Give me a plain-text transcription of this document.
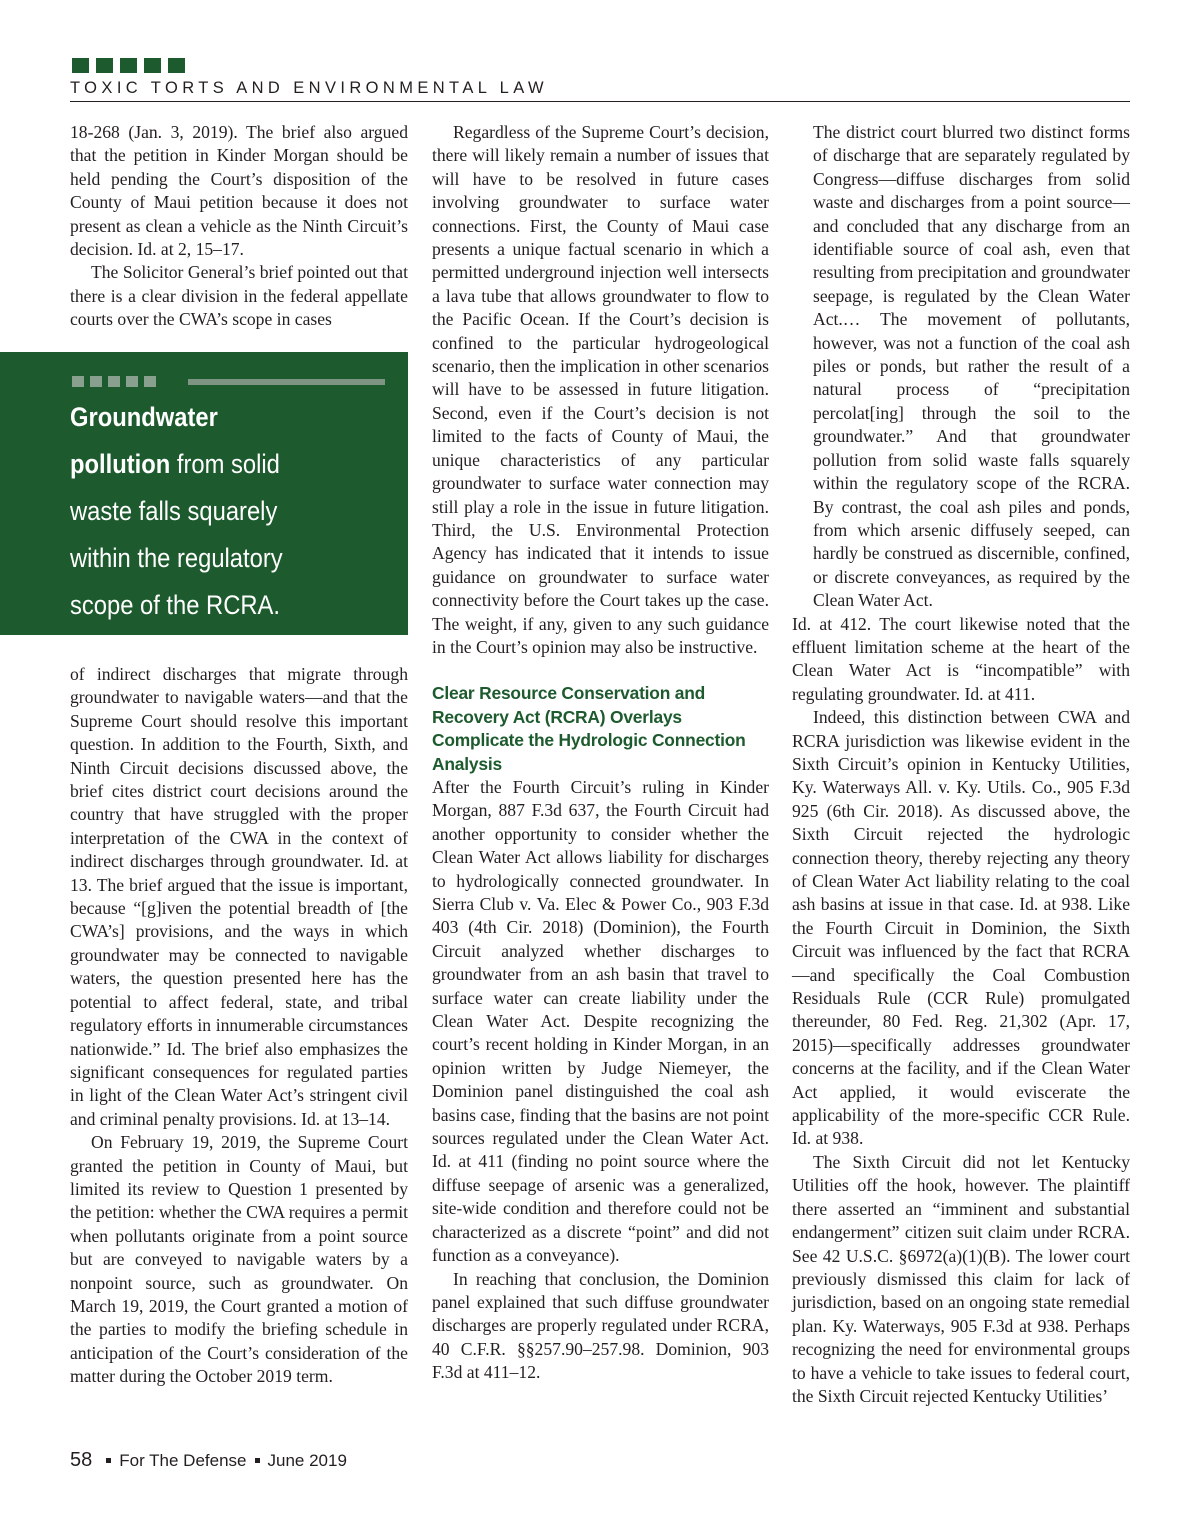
TOXIC TORTS AND ENVIRONMENTAL LAW

18-268 (Jan. 3, 2019). The brief also argued that the petition in Kinder Morgan should be held pending the Court’s disposition of the County of Maui petition because it does not present as clean a vehicle as the Ninth Circuit’s decision. Id. at 2, 15–17.

The Solicitor General’s brief pointed out that there is a clear division in the federal appellate courts over the CWA’s scope in cases

Groundwater
pollution from solid
waste falls squarely
within the regulatory
scope of the RCRA.

of indirect discharges that migrate through groundwater to navigable waters—and that the Supreme Court should resolve this important question. In addition to the Fourth, Sixth, and Ninth Circuit decisions discussed above, the brief cites district court decisions around the country that have struggled with the proper interpretation of the CWA in the context of indirect discharges through groundwater. Id. at 13. The brief argued that the issue is important, because “[g]iven the potential breadth of [the CWA’s] provisions, and the ways in which groundwater may be connected to navigable waters, the question presented here has the potential to affect federal, state, and tribal regulatory efforts in innumerable circumstances nationwide.” Id. The brief also emphasizes the significant consequences for regulated parties in light of the Clean Water Act’s stringent civil and criminal penalty provisions. Id. at 13–14.

On February 19, 2019, the Supreme Court granted the petition in County of Maui, but limited its review to Question 1 presented by the petition: whether the CWA requires a permit when pollutants originate from a point source but are conveyed to navigable waters by a nonpoint source, such as groundwater. On March 19, 2019, the Court granted a motion of the parties to modify the briefing schedule in anticipation of the Court’s consideration of the matter during the October 2019 term.

Regardless of the Supreme Court’s decision, there will likely remain a number of issues that will have to be resolved in future cases involving groundwater to surface water connections. First, the County of Maui case presents a unique factual scenario in which a permitted underground injection well intersects a lava tube that allows groundwater to flow to the Pacific Ocean. If the Court’s decision is confined to the particular hydrogeological scenario, then the implication in other scenarios will have to be assessed in future litigation. Second, even if the Court’s decision is not limited to the facts of County of Maui, the unique characteristics of any particular groundwater to surface water connection may still play a role in the issue in future litigation. Third, the U.S. Environmental Protection Agency has indicated that it intends to issue guidance on groundwater to surface water connectivity before the Court takes up the case. The weight, if any, given to any such guidance in the Court’s opinion may also be instructive.

Clear Resource Conservation and Recovery Act (RCRA) Overlays Complicate the Hydrologic Connection Analysis

After the Fourth Circuit’s ruling in Kinder Morgan, 887 F.3d 637, the Fourth Circuit had another opportunity to consider whether the Clean Water Act allows liability for discharges to hydrologically connected groundwater. In Sierra Club v. Va. Elec & Power Co., 903 F.3d 403 (4th Cir. 2018) (Dominion), the Fourth Circuit analyzed whether discharges to groundwater from an ash basin that travel to surface water can create liability under the Clean Water Act. Despite recognizing the court’s recent holding in Kinder Morgan, in an opinion written by Judge Niemeyer, the Dominion panel distinguished the coal ash basins case, finding that the basins are not point sources regulated under the Clean Water Act. Id. at 411 (finding no point source where the diffuse seepage of arsenic was a generalized, site-wide condition and therefore could not be characterized as a discrete “point” and did not function as a conveyance).

In reaching that conclusion, the Dominion panel explained that such diffuse groundwater discharges are properly regulated under RCRA, 40 C.F.R. §§257.90–257.98. Dominion, 903 F.3d at 411–12.

The district court blurred two distinct forms of discharge that are separately regulated by Congress—diffuse discharges from solid waste and discharges from a point source—and concluded that any discharge from an identifiable source of coal ash, even that resulting from precipitation and groundwater seepage, is regulated by the Clean Water Act.… The movement of pollutants, however, was not a function of the coal ash piles or ponds, but rather the result of a natural process of “precipitation percolat[ing] through the soil to the groundwater.” And that groundwater pollution from solid waste falls squarely within the regulatory scope of the RCRA. By contrast, the coal ash piles and ponds, from which arsenic diffusely seeped, can hardly be construed as discernible, confined, or discrete conveyances, as required by the Clean Water Act.

Id. at 412. The court likewise noted that the effluent limitation scheme at the heart of the Clean Water Act is “incompatible” with regulating groundwater. Id. at 411.

Indeed, this distinction between CWA and RCRA jurisdiction was likewise evident in the Sixth Circuit’s opinion in Kentucky Utilities, Ky. Waterways All. v. Ky. Utils. Co., 905 F.3d 925 (6th Cir. 2018). As discussed above, the Sixth Circuit rejected the hydrologic connection theory, thereby rejecting any theory of Clean Water Act liability relating to the coal ash basins at issue in that case. Id. at 938. Like the Fourth Circuit in Dominion, the Sixth Circuit was influenced by the fact that RCRA—and specifically the Coal Combustion Residuals Rule (CCR Rule) promulgated thereunder, 80 Fed. Reg. 21,302 (Apr. 17, 2015)—specifically addresses groundwater concerns at the facility, and if the Clean Water Act applied, it would eviscerate the applicability of the more-specific CCR Rule. Id. at 938.

The Sixth Circuit did not let Kentucky Utilities off the hook, however. The plaintiff there asserted an “imminent and substantial endangerment” citizen suit claim under RCRA. See 42 U.S.C. §6972(a)(1)(B). The lower court previously dismissed this claim for lack of jurisdiction, based on an ongoing state remedial plan. Ky. Waterways, 905 F.3d at 938. Perhaps recognizing the need for environmental groups to have a vehicle to take issues to federal court, the Sixth Circuit rejected Kentucky Utilities’

58 For The Defense June 2019
